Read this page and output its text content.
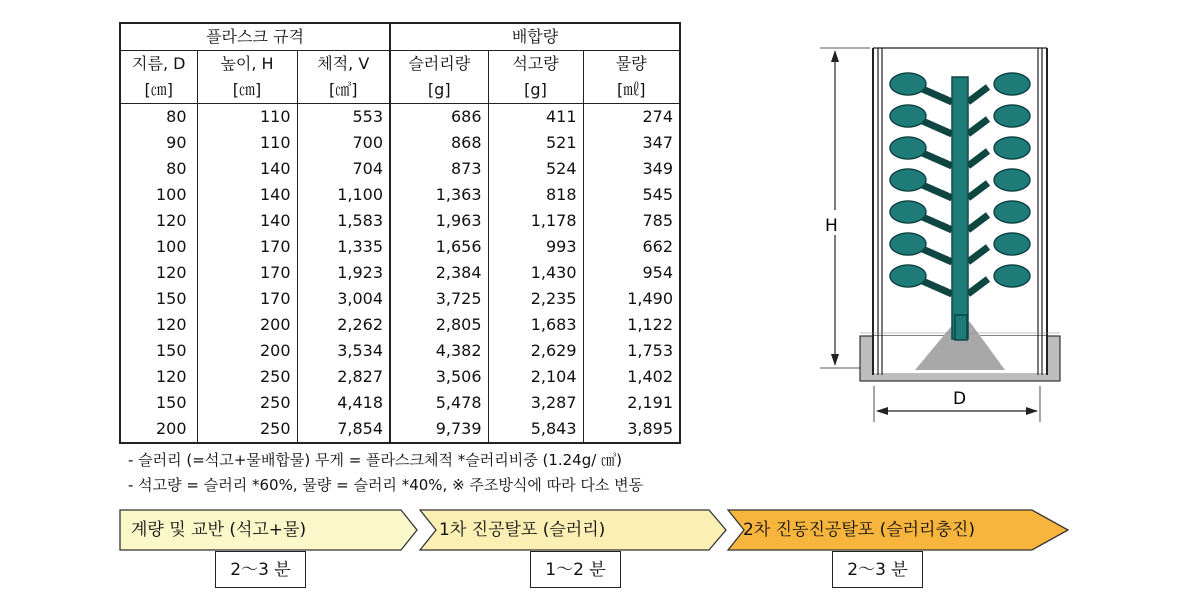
플라스크 규격			배합량		
지름, D	높이, H	체적, V	슬러리량	석고량	물량
[㎝]	[㎝]	[㎤]	[g]	[g]	[㎖]
80	110	553	686	411	274
90	110	700	868	521	347
80	140	704	873	524	349
100	140	1,100	1,363	818	545
120	140	1,583	1,963	1,178	785
100	170	1,335	1,656	993	662
120	170	1,923	2,384	1,430	954
150	170	3,004	3,725	2,235	1,490
120	200	2,262	2,805	1,683	1,122
150	200	3,534	4,382	2,629	1,753
120	250	2,827	3,506	2,104	1,402
150	250	4,418	5,478	3,287	2,191
200	250	7,854	9,739	5,843	3,895
- 슬러리 (=석고+물배합물) 무게 = 플라스크체적 *슬러리비중 (1.24g/ ㎤)
- 석고량 = 슬러리 *60%, 물량 = 슬러리 *40%, ※ 주조방식에 따라 다소 변동
계량 및 교반 (석고+물)	1차 진공탈포 (슬러리)	2차 진동진공탈포 (슬러리충진)
2～3 분	1～2 분	2～3 분
H
D
